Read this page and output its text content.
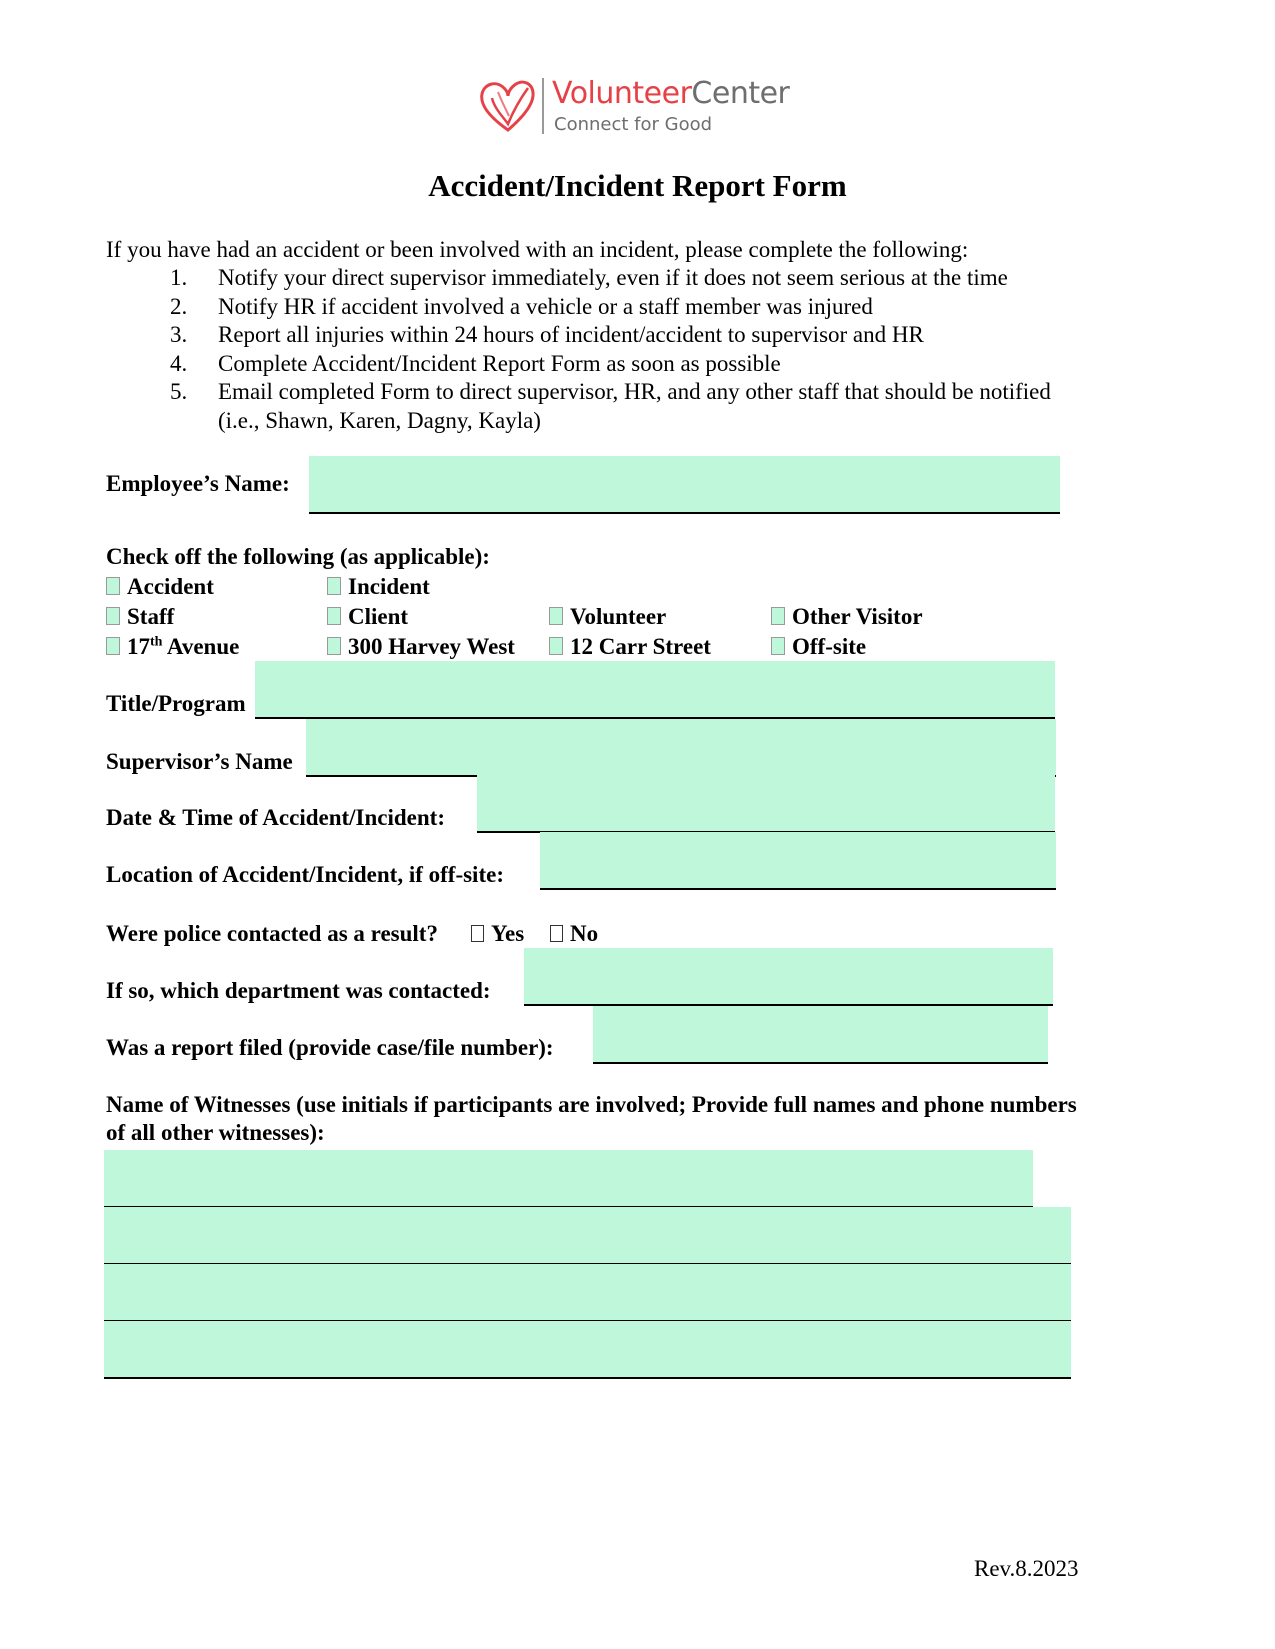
VolunteerCenter
Connect for Good
Accident/Incident Report Form
If you have had an accident or been involved with an incident, please complete the following:
1.	Notify your direct supervisor immediately, even if it does not seem serious at the time
2.	Notify HR if accident involved a vehicle or a staff member was injured
3.	Report all injuries within 24 hours of incident/accident to supervisor and HR
4.	Complete Accident/Incident Report Form as soon as possible
5.	Email completed Form to direct supervisor, HR, and any other staff that should be notified
(i.e., Shawn, Karen, Dagny, Kayla)
Employee’s Name:
Check off the following (as applicable):
Accident	Incident
Staff	Client	Volunteer	Other Visitor
17th Avenue	300 Harvey West	12 Carr Street	Off-site
Title/Program
Supervisor’s Name
Date & Time of Accident/Incident:
Location of Accident/Incident, if off-site:
Were police contacted as a result?	Yes	No
If so, which department was contacted:
Was a report filed (provide case/file number):
Name of Witnesses (use initials if participants are involved; Provide full names and phone numbers
of all other witnesses):
Rev.8.2023
